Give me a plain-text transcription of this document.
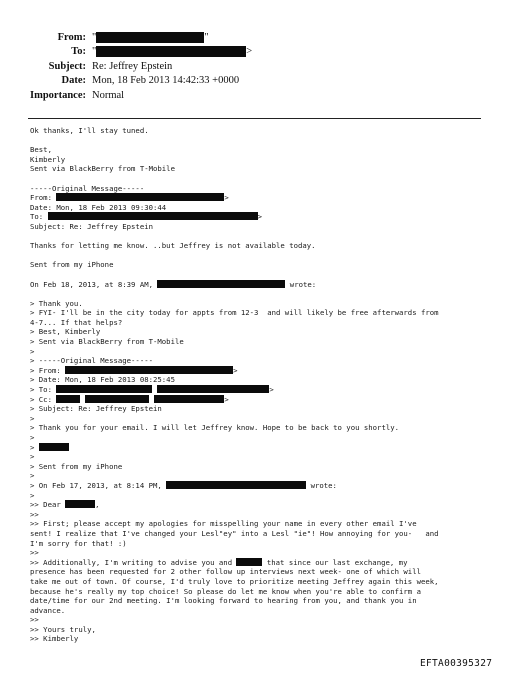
From: "	"
To: "	>
Subject: Re: Jeffrey Epstein
Date: Mon, 18 Feb 2013 14:42:33 +0000
Importance: Normal
Ok thanks, I'll stay tuned.
Best,
Kimberly
Sent via BlackBerry from T-Mobile
-----Original Message-----
From:	>
Date: Mon, 18 Feb 2013 09:30:44
To:	>
Subject: Re: Jeffrey Epstein
Thanks for letting me know. ..but Jeffrey is not available today.
Sent from my iPhone
On Feb 18, 2013, at 8:39 AM,	wrote:
> Thank you.
> FYI- I'll be in the city today for appts from 12-3  and will likely be free afterwards from
4-7... If that helps?
> Best, Kimberly
> Sent via BlackBerry from T-Mobile
>
> -----Original Message-----
> From:	>
> Date: Mon, 18 Feb 2013 08:25:45
> To:	>
> Cc:	>
> Subject: Re: Jeffrey Epstein
>
> Thank you for your email. I will let Jeffrey know. Hope to be back to you shortly.
>
>
>
> Sent from my iPhone
>
> On Feb 17, 2013, at 8:14 PM,	wrote:
>
>> Dear	,
>>
>> First; please accept my apologies for misspelling your name in every other email I've
sent! I realize that I've changed your Lesl"ey" into a Lesl "ie"! How annoying for you-   and
I'm sorry for that! :)
>>
>> Additionally, I'm writing to advise you and	that since our last exchange, my
presence has been requested for 2 other follow up interviews next week- one of which will
take me out of town. Of course, I'd truly love to prioritize meeting Jeffrey again this week,
because he's really my top choice! So please do let me know when you're able to confirm a
date/time for our 2nd meeting. I'm looking forward to hearing from you, and thank you in
advance.
>>
>> Yours truly,
>> Kimberly
EFTA00395327
